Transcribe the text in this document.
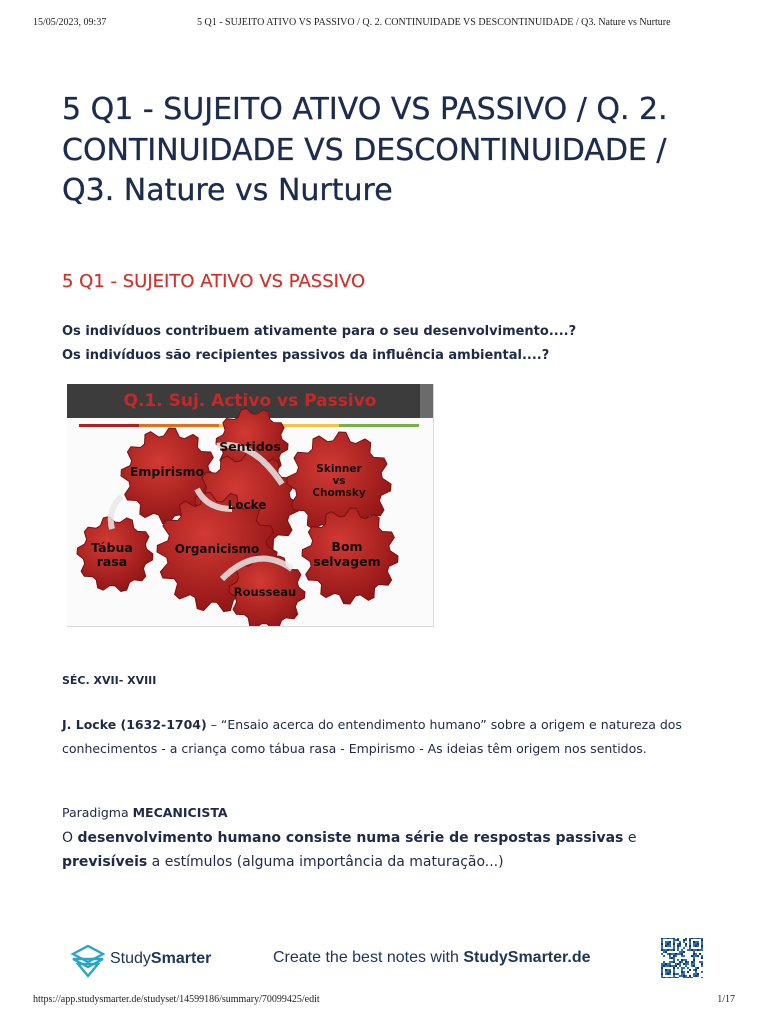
15/05/2023, 09:37	5 Q1 - SUJEITO ATIVO VS PASSIVO / Q. 2. CONTINUIDADE VS DESCONTINUIDADE / Q3. Nature vs Nurture
5 Q1 - SUJEITO ATIVO VS PASSIVO / Q. 2. CONTINUIDADE VS DESCONTINUIDADE / Q3. Nature vs Nurture
5 Q1 - SUJEITO ATIVO VS PASSIVO
Os indivíduos contribuem ativamente para o seu desenvolvimento....?
Os indivíduos são recipientes passivos da influência ambiental....?
Q.1. Suj. Activo vs Passivo
Sentidos
Empirismo
Locke
Skinner
vs
Chomsky
Tábua
rasa
Organicismo	Bom
selvagem
Rousseau
SÉC. XVII- XVIII
J. Locke (1632-1704) – “Ensaio acerca do entendimento humano” sobre a origem e natureza dos conhecimentos - a criança como tábua rasa - Empirismo - As ideias têm origem nos sentidos.
Paradigma MECANICISTA
O desenvolvimento humano consiste numa série de respostas passivas e previsíveis a estímulos (alguma importância da maturação...)
StudySmarter	Create the best notes with StudySmarter.de
https://app.studysmarter.de/studyset/14599186/summary/70099425/edit	1/17
